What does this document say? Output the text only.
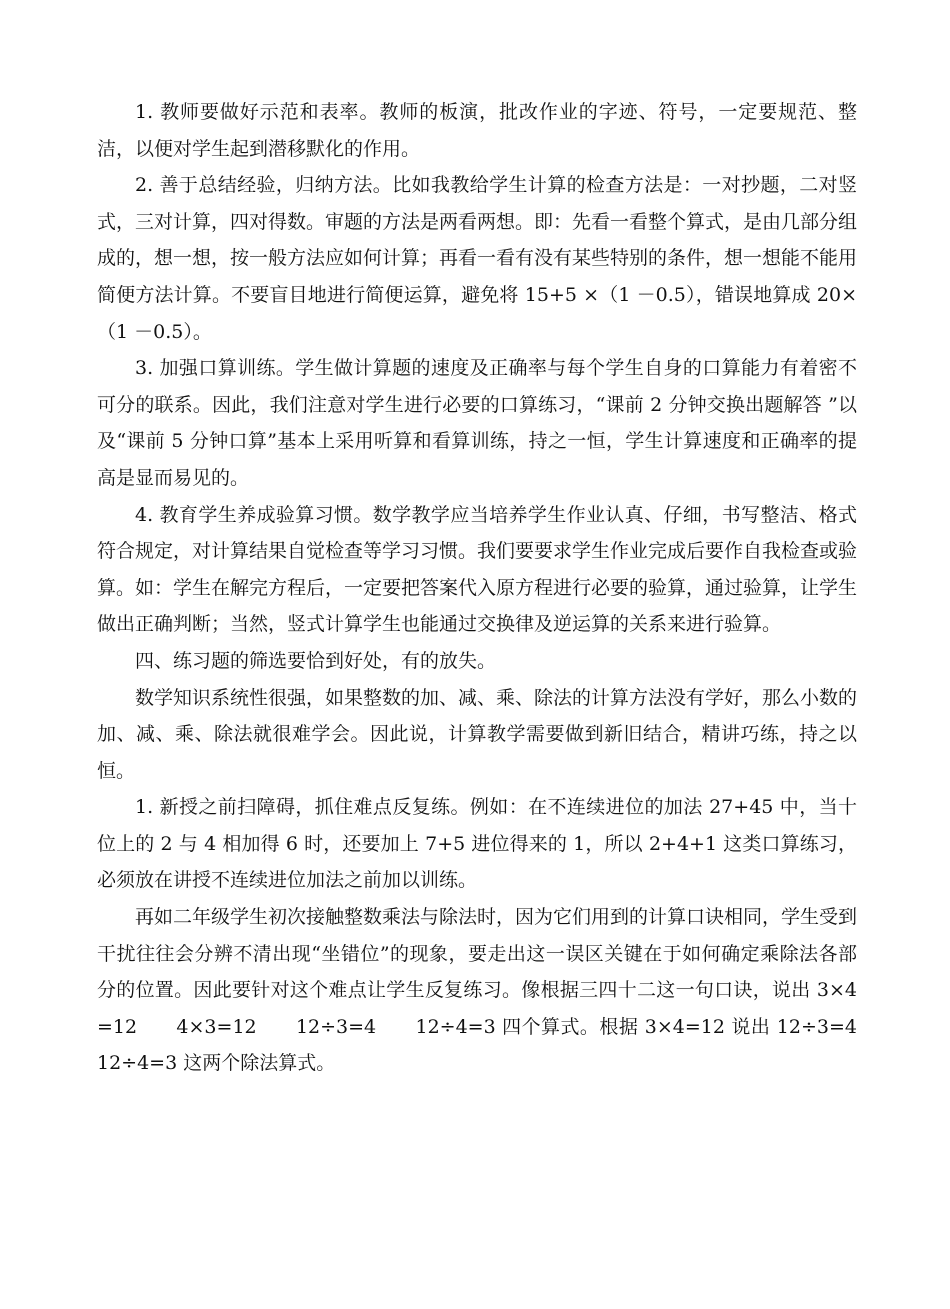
1. 教师要做好示范和表率。教师的板演，批改作业的字迹、符号，一定要规范、整洁，以便对学生起到潜移默化的作用。

2. 善于总结经验，归纳方法。比如我教给学生计算的检查方法是：一对抄题，二对竖式，三对计算，四对得数。审题的方法是两看两想。即：先看一看整个算式，是由几部分组成的，想一想，按一般方法应如何计算；再看一看有没有某些特别的条件，想一想能不能用简便方法计算。不要盲目地进行简便运算，避免将 15+5 ×（1 －0.5），错误地算成 20×（1 －0.5）。

3. 加强口算训练。学生做计算题的速度及正确率与每个学生自身的口算能力有着密不可分的联系。因此，我们注意对学生进行必要的口算练习，“课前 2 分钟交换出题解答 ”以及“课前 5 分钟口算”基本上采用听算和看算训练，持之一恒，学生计算速度和正确率的提高是显而易见的。

4. 教育学生养成验算习惯。数学教学应当培养学生作业认真、仔细，书写整洁、格式符合规定，对计算结果自觉检查等学习习惯。我们要要求学生作业完成后要作自我检查或验算。如：学生在解完方程后，一定要把答案代入原方程进行必要的验算，通过验算，让学生做出正确判断；当然，竖式计算学生也能通过交换律及逆运算的关系来进行验算。

四、练习题的筛选要恰到好处，有的放失。

数学知识系统性很强，如果整数的加、减、乘、除法的计算方法没有学好，那么小数的加、减、乘、除法就很难学会。因此说，计算教学需要做到新旧结合，精讲巧练，持之以恒。

1. 新授之前扫障碍，抓住难点反复练。例如：在不连续进位的加法 27+45 中，当十位上的 2 与 4 相加得 6 时，还要加上 7+5 进位得来的 1，所以 2+4+1 这类口算练习，必须放在讲授不连续进位加法之前加以训练。

再如二年级学生初次接触整数乘法与除法时，因为它们用到的计算口诀相同，学生受到干扰往往会分辨不清出现“坐错位”的现象，要走出这一误区关键在于如何确定乘除法各部分的位置。因此要针对这个难点让学生反复练习。像根据三四十二这一句口诀，说出 3×4=12　　4×3=12　　12÷3=4　　12÷4=3 四个算式。根据 3×4=12 说出 12÷3=4　　12÷4=3 这两个除法算式。
